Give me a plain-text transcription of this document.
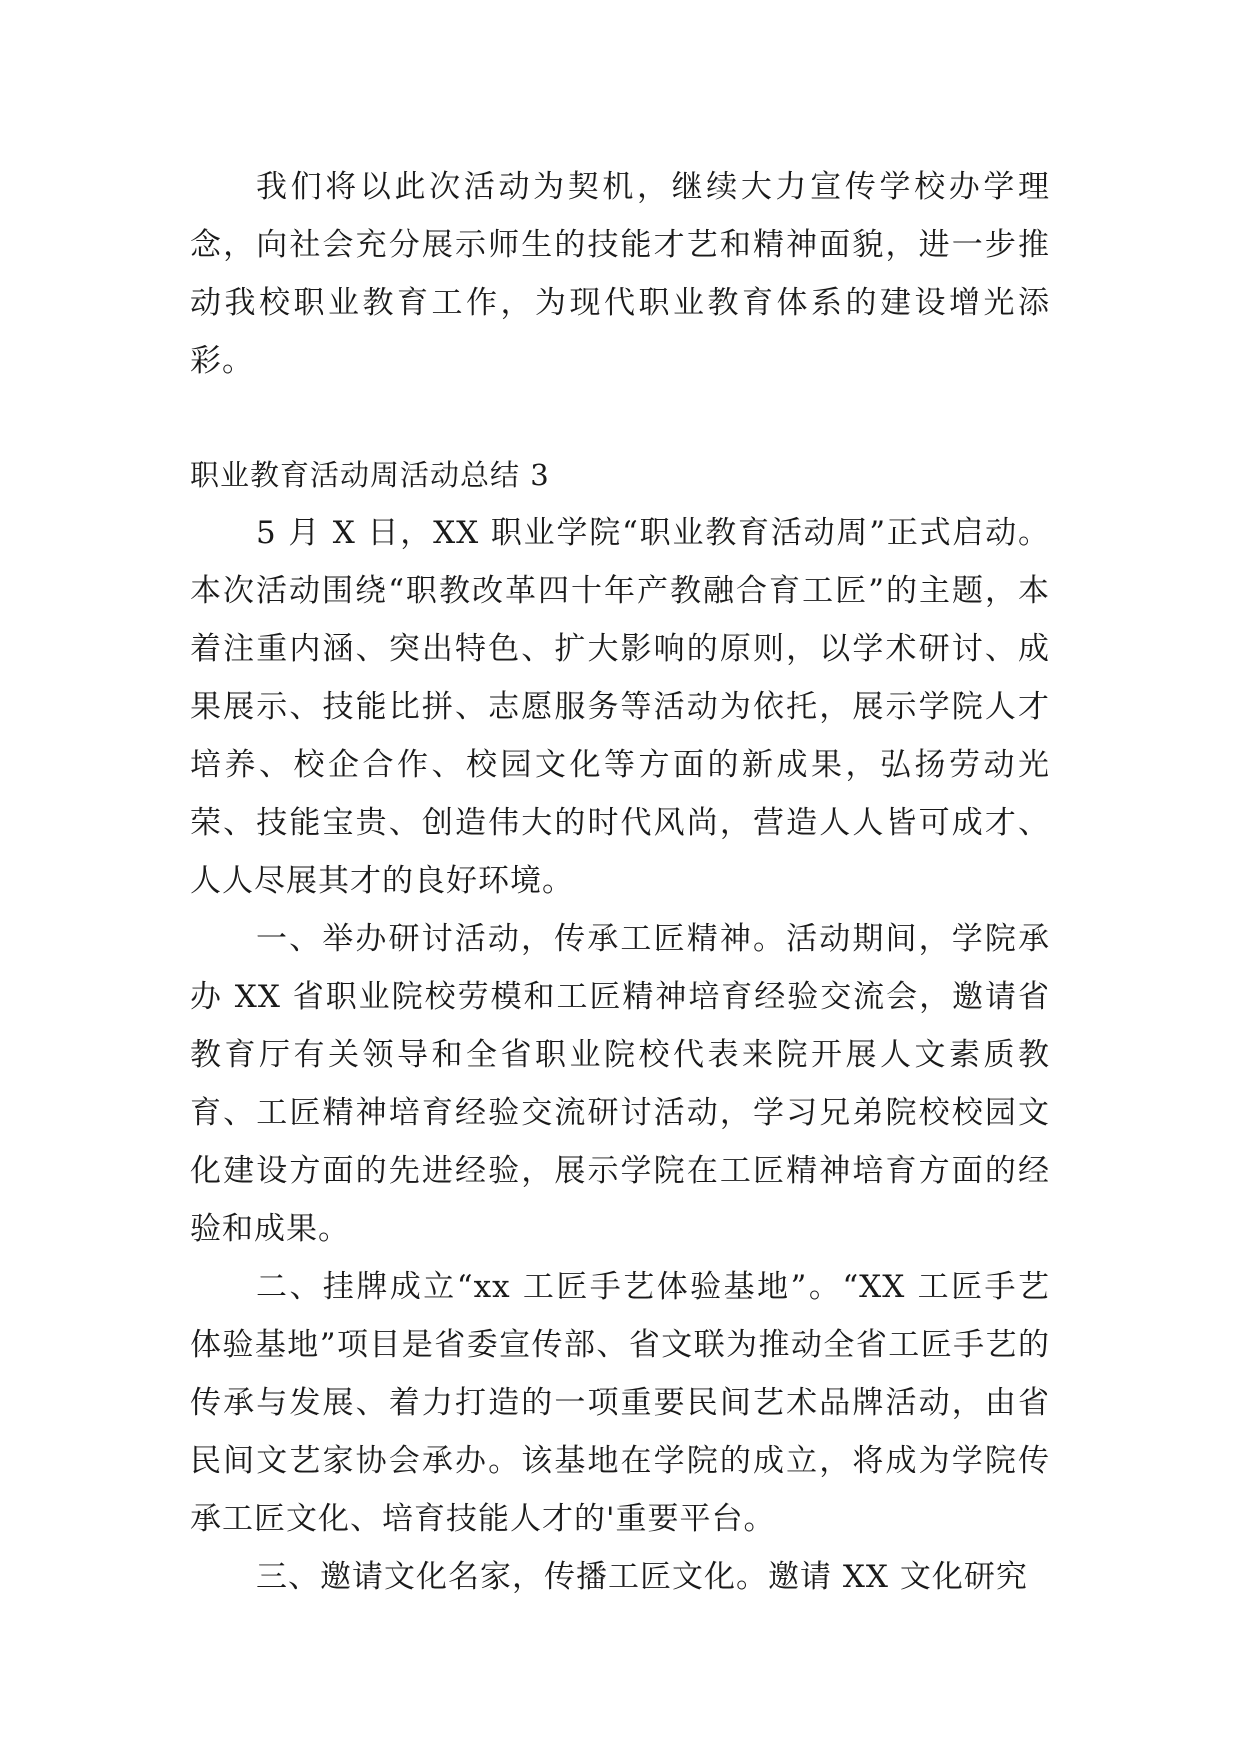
我们将以此次活动为契机，继续大力宣传学校办学理念，向社会充分展示师生的技能才艺和精神面貌，进一步推动我校职业教育工作，为现代职业教育体系的建设增光添彩。

职业教育活动周活动总结 3

5 月 X 日，XX 职业学院“职业教育活动周”正式启动。本次活动围绕“职教改革四十年产教融合育工匠”的主题，本着注重内涵、突出特色、扩大影响的原则，以学术研讨、成果展示、技能比拼、志愿服务等活动为依托，展示学院人才培养、校企合作、校园文化等方面的新成果，弘扬劳动光荣、技能宝贵、创造伟大的时代风尚，营造人人皆可成才、人人尽展其才的良好环境。

一、举办研讨活动，传承工匠精神。活动期间，学院承办 XX 省职业院校劳模和工匠精神培育经验交流会，邀请省教育厅有关领导和全省职业院校代表来院开展人文素质教育、工匠精神培育经验交流研讨活动，学习兄弟院校校园文化建设方面的先进经验，展示学院在工匠精神培育方面的经验和成果。

二、挂牌成立“xx 工匠手艺体验基地”。“XX 工匠手艺体验基地”项目是省委宣传部、省文联为推动全省工匠手艺的传承与发展、着力打造的一项重要民间艺术品牌活动，由省民间文艺家协会承办。该基地在学院的成立，将成为学院传承工匠文化、培育技能人才的'重要平台。

三、邀请文化名家，传播工匠文化。邀请 XX 文化研究
